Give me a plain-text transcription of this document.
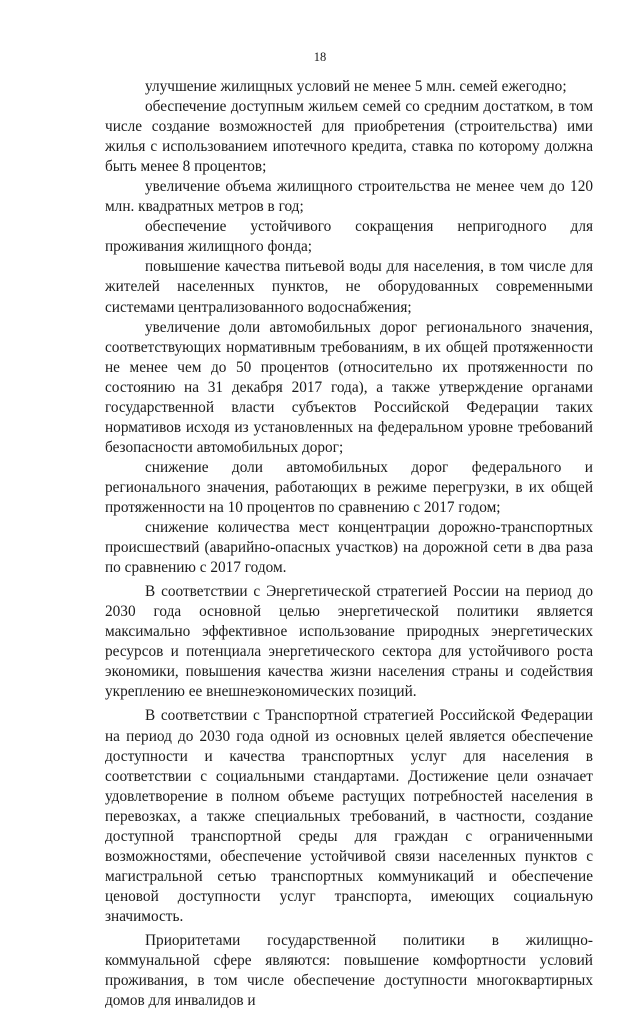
18

улучшение жилищных условий не менее 5 млн. семей ежегодно;

обеспечение доступным жильем семей со средним достатком, в том числе создание возможностей для приобретения (строительства) ими жилья с использованием ипотечного кредита, ставка по которому должна быть менее 8 процентов;

увеличение объема жилищного строительства не менее чем до 120 млн. квадратных метров в год;

обеспечение устойчивого сокращения непригодного для проживания жилищного фонда;

повышение качества питьевой воды для населения, в том числе для жителей населенных пунктов, не оборудованных современными системами централизованного водоснабжения;

увеличение доли автомобильных дорог регионального значения, соответствующих нормативным требованиям, в их общей протяженности не менее чем до 50 процентов (относительно их протяженности по состоянию на 31 декабря 2017 года), а также утверждение органами государственной власти субъектов Российской Федерации таких нормативов исходя из установленных на федеральном уровне требований безопасности автомобильных дорог;

снижение доли автомобильных дорог федерального и регионального значения, работающих в режиме перегрузки, в их общей протяженности на 10 процентов по сравнению с 2017 годом;

снижение количества мест концентрации дорожно-транспортных происшествий (аварийно-опасных участков) на дорожной сети в два раза по сравнению с 2017 годом.

В соответствии с Энергетической стратегией России на период до 2030 года основной целью энергетической политики является максимально эффективное использование природных энергетических ресурсов и потенциала энергетического сектора для устойчивого роста экономики, повышения качества жизни населения страны и содействия укреплению ее внешнеэкономических позиций.

В соответствии с Транспортной стратегией Российской Федерации на период до 2030 года одной из основных целей является обеспечение доступности и качества транспортных услуг для населения в соответствии с социальными стандартами. Достижение цели означает удовлетворение в полном объеме растущих потребностей населения в перевозках, а также специальных требований, в частности, создание доступной транспортной среды для граждан с ограниченными возможностями, обеспечение устойчивой связи населенных пунктов с магистральной сетью транспортных коммуникаций и обеспечение ценовой доступности услуг транспорта, имеющих социальную значимость.

Приоритетами государственной политики в жилищно-коммунальной сфере являются: повышение комфортности условий проживания, в том числе обеспечение доступности многоквартирных домов для инвалидов и
